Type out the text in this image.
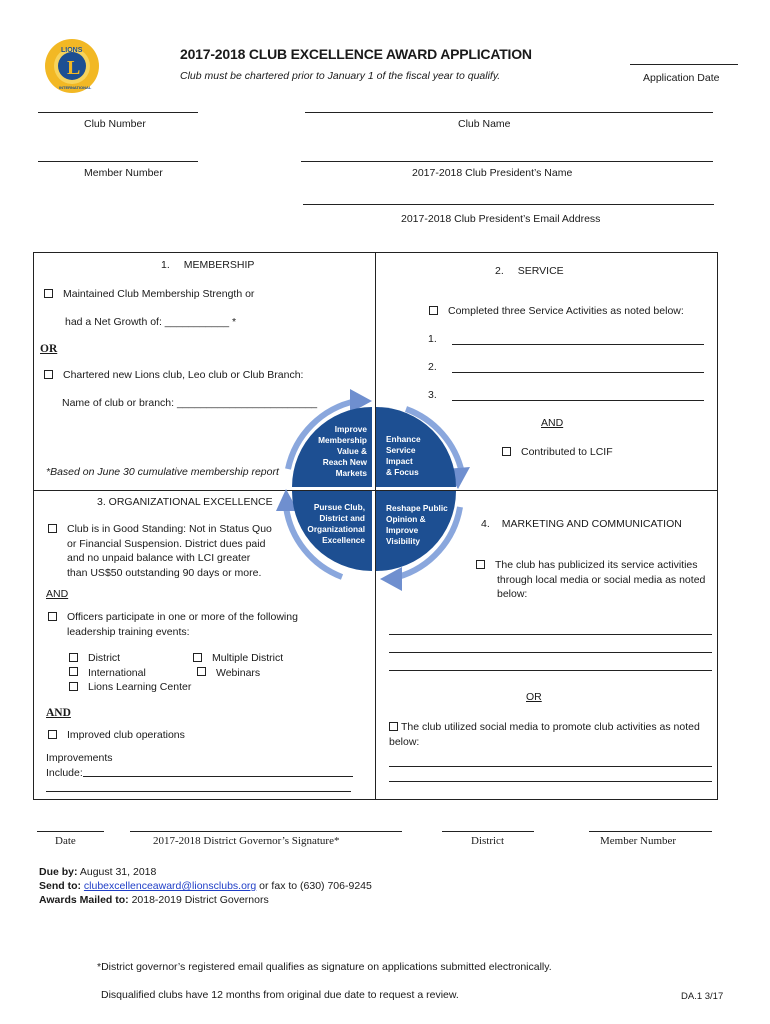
L
LIONS
INTERNATIONAL
2017-2018 CLUB EXCELLENCE AWARD APPLICATION
Club must be chartered prior to January 1 of the fiscal year to qualify.	Application Date
Club Number	Club Name
Member Number	2017-2018 Club President’s Name
2017-2018 Club President’s Email Address
1. MEMBERSHIP
Maintained Club Membership Strength or
had a Net Growth of: ___________ *
OR
Chartered new Lions club, Leo club or Club Branch:
Name of club or branch: ________________________
*Based on June 30 cumulative membership report
2. SERVICE
Completed three Service Activities as noted below:
1.
2.
3.
AND
Contributed to LCIF
3. ORGANIZATIONAL EXCELLENCE
Club is in Good Standing: Not in Status Quo
or Financial Suspension. District dues paid
and no unpaid balance with LCI greater
than US$50 outstanding 90 days or more.
AND
Officers participate in one or more of the following
leadership training events:
District
International
Lions Learning Center
Multiple District
Webinars
AND
Improved club operations
Improvements
Include:
4. MARKETING AND COMMUNICATION
The club has publicized its service activities
through local media or social media as noted
below:
OR
The club utilized social media to promote club activities as noted
below:
Improve Membership Value & Reach New Markets
Enhance Service Impact & Focus
Pursue Club, District and Organizational Excellence
Reshape Public Opinion & Improve Visibility
Date	2017-2018 District Governor’s Signature*	District	Member Number
Due by: August 31, 2018
Send to: clubexcellenceaward@lionsclubs.org or fax to (630) 706-9245
Awards Mailed to: 2018-2019 District Governors
*District governor’s registered email qualifies as signature on applications submitted electronically.
Disqualified clubs have 12 months from original due date to request a review.	DA.1 3/17
